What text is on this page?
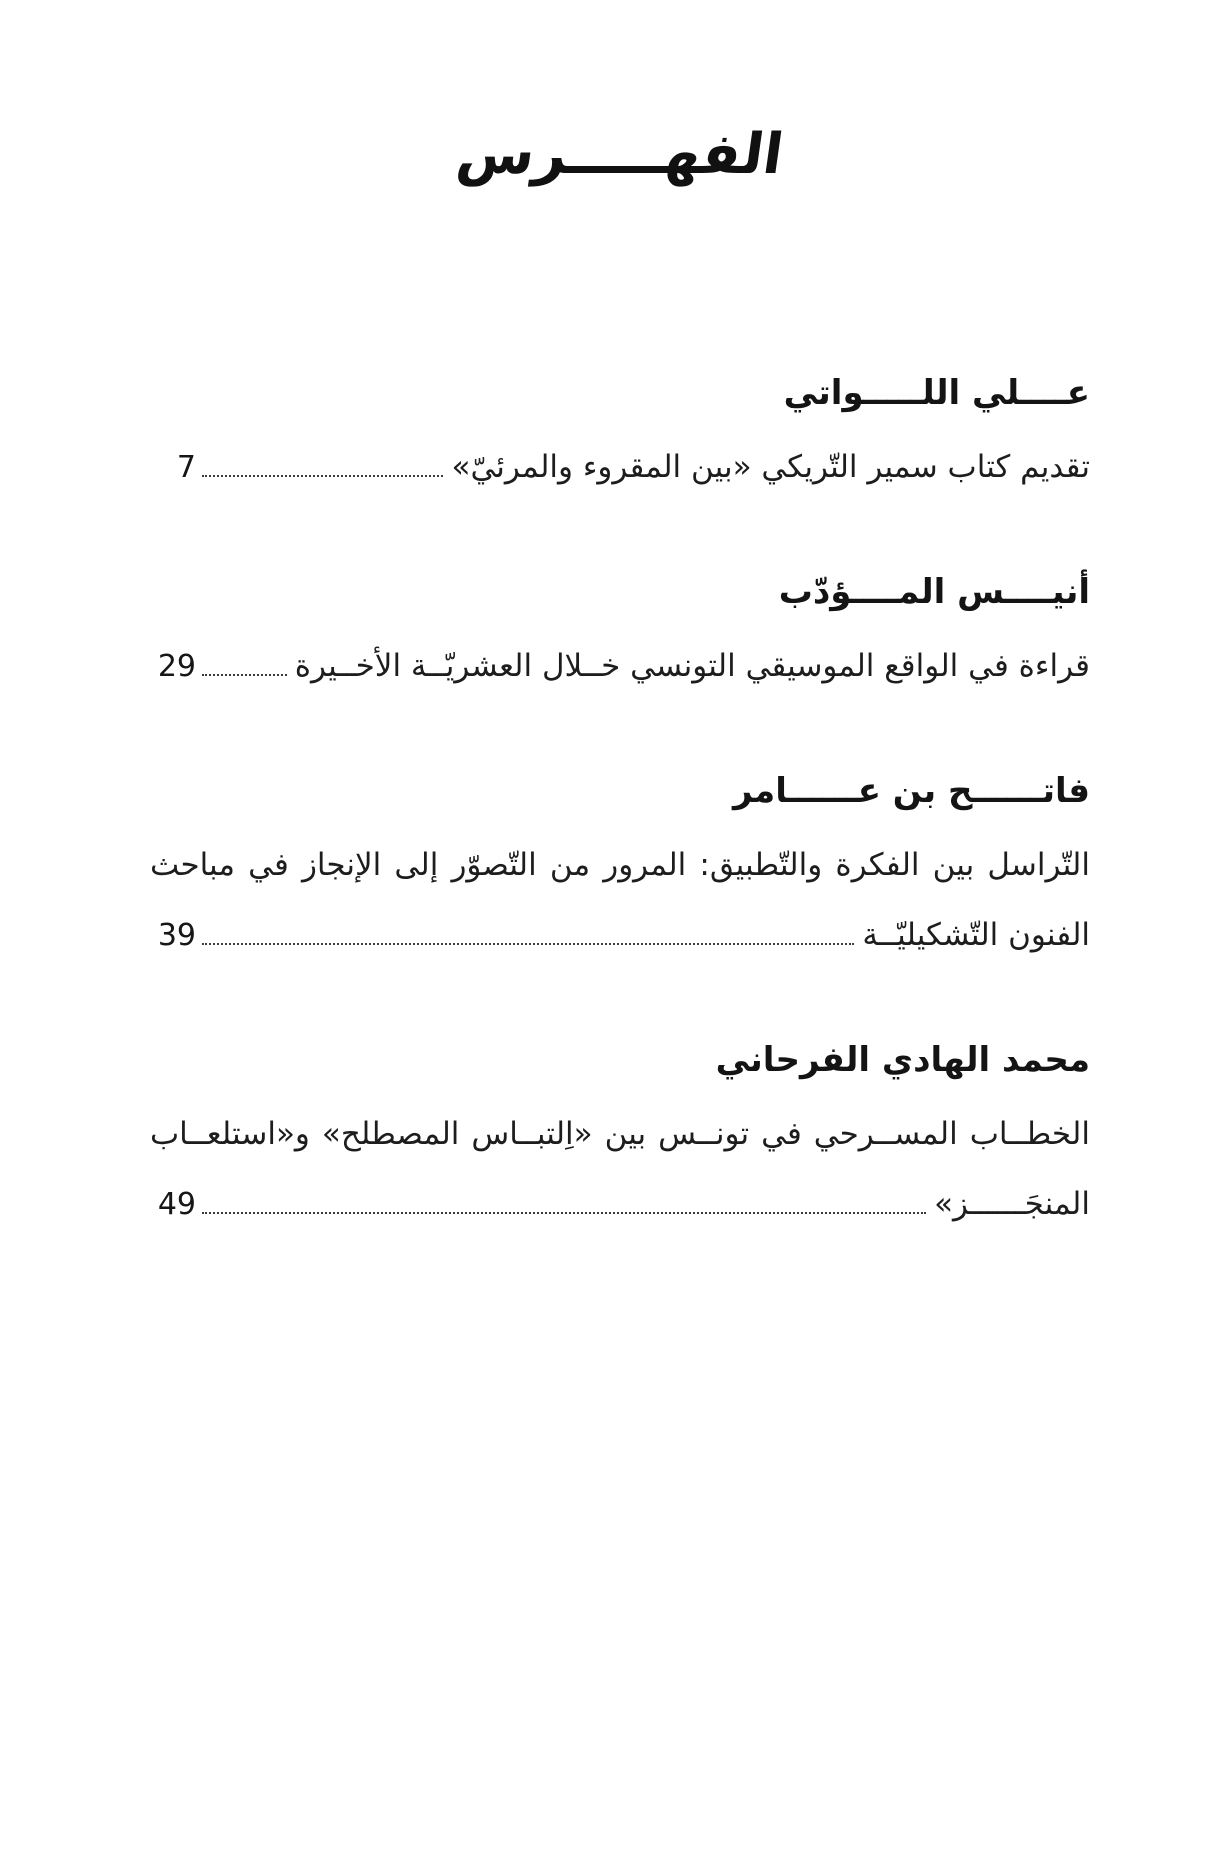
الفهـــــرس
عــــلي اللـــــواتي
تقديم كتاب سمير التّريكي «بين المقروء والمرئيّ»
7
أنيــــس المــــؤدّب
قراءة في الواقع الموسيقي التونسي خــلال العشريّــة الأخــيرة
29
فاتــــــح بن عــــــامر
التّراسل بين الفكرة والتّطبيق: المرور من التّصوّر إلى الإنجاز في مباحث
الفنون التّشكيليّــة
39
محمد الهادي الفرحاني
الخطــاب المســرحي في تونــس بين «اِلتبــاس المصطلح» و«استلعــاب
المنجَــــــز»
49
